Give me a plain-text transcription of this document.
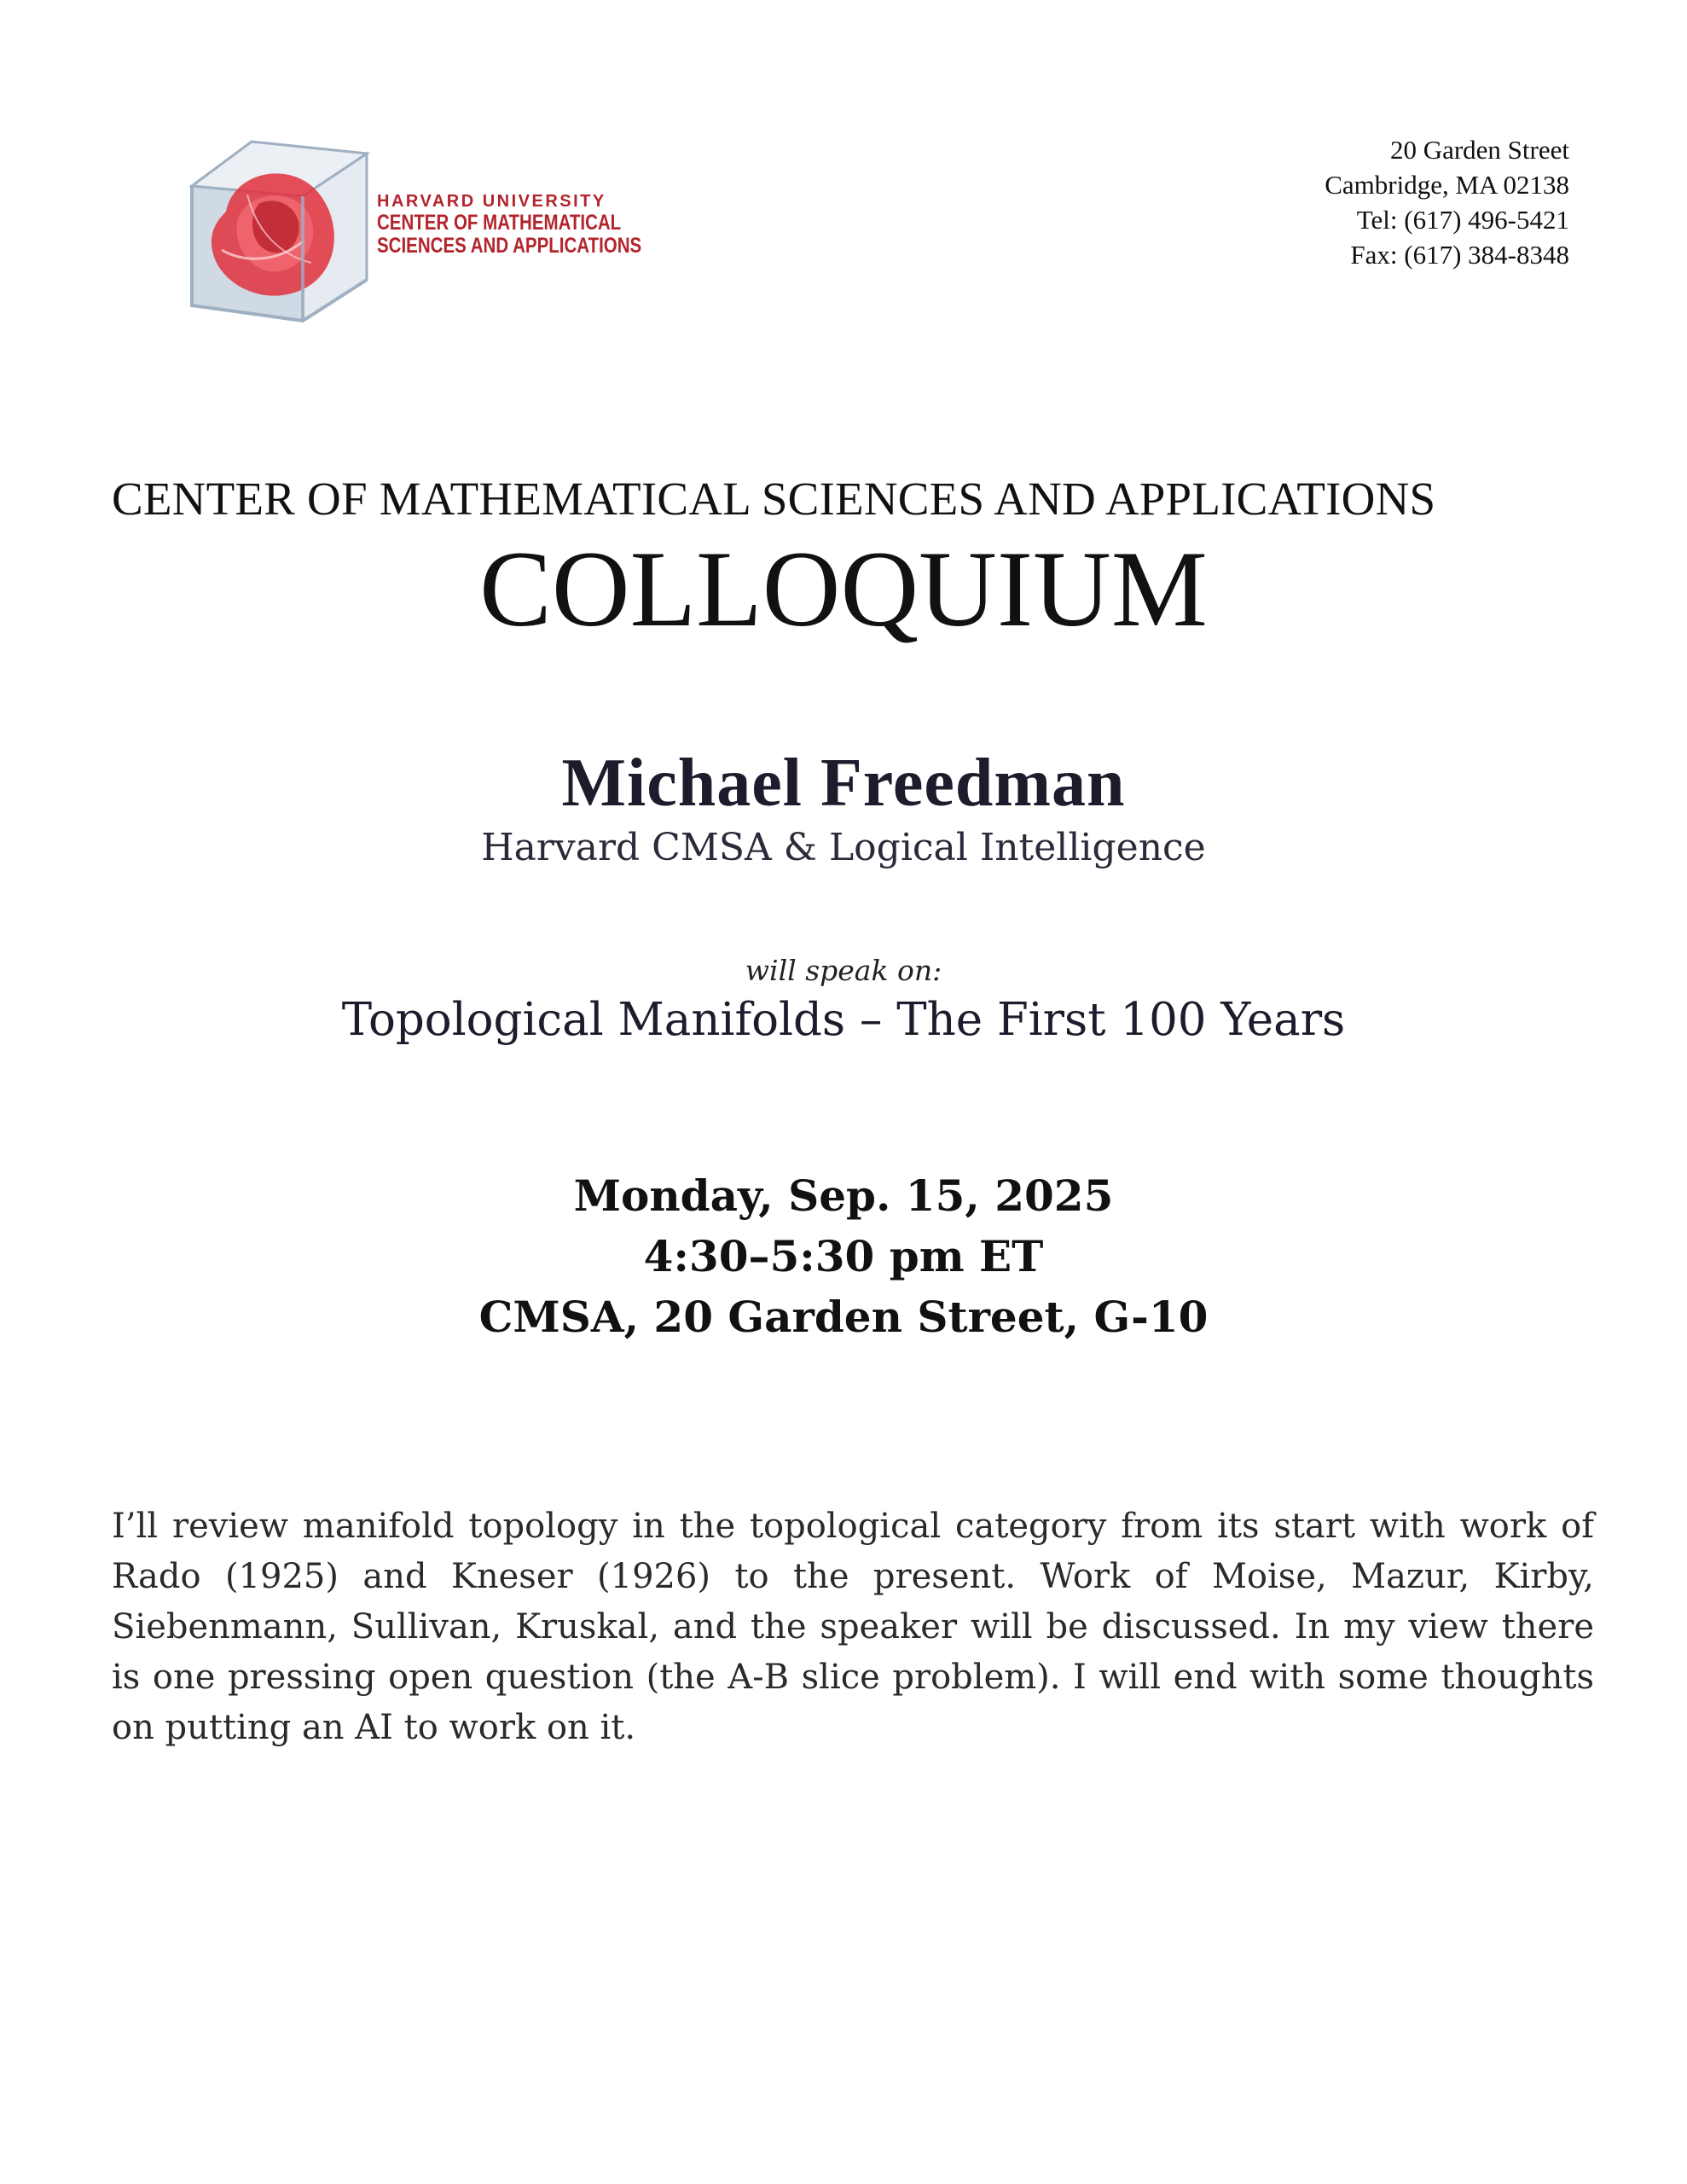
HARVARD UNIVERSITY
CENTER OF MATHEMATICAL
SCIENCES AND APPLICATIONS
20 Garden Street
Cambridge, MA 02138
Tel: (617) 496-5421
Fax: (617) 384-8348
CENTER OF MATHEMATICAL SCIENCES AND APPLICATIONS
COLLOQUIUM
Michael Freedman
Harvard CMSA & Logical Intelligence
will speak on:
Topological Manifolds – The First 100 Years
Monday, Sep. 15, 2025
4:30–5:30 pm ET
CMSA, 20 Garden Street, G-10
I’ll review manifold topology in the topological category from its start with work of Rado (1925) and Kneser (1926) to the present. Work of Moise, Mazur, Kirby, Siebenmann, Sullivan, Kruskal, and the speaker will be discussed. In my view there is one pressing open question (the A-B slice problem). I will end with some thoughts on putting an AI to work on it.
